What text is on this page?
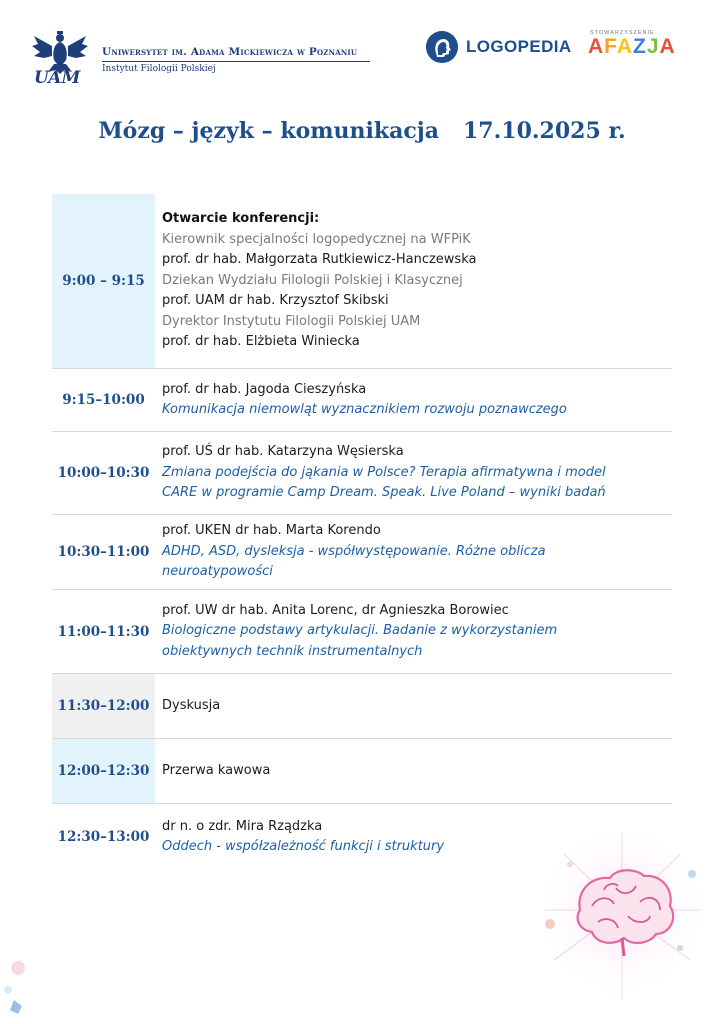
UAM
Uniwersytet im. Adama Mickiewicza w Poznaniu
Instytut Filologii Polskiej
LOGOPEDIA
STOWARZYSZENIE
AFAZJA
Mózg – język – komunikacja 17.10.2025 r.
9:00 – 9:15
Otwarcie konferencji:
Kierownik specjalności logopedycznej na WFPiK
prof. dr hab. Małgorzata Rutkiewicz-Hanczewska
Dziekan Wydziału Filologii Polskiej i Klasycznej
prof. UAM dr hab. Krzysztof Skibski
Dyrektor Instytutu Filologii Polskiej UAM
prof. dr hab. Elżbieta Winiecka
9:15–10:00
prof. dr hab. Jagoda Cieszyńska
Komunikacja niemowląt wyznacznikiem rozwoju poznawczego
10:00–10:30
prof. UŚ dr hab. Katarzyna Węsierska
Zmiana podejścia do jąkania w Polsce? Terapia afirmatywna i model
CARE w programie Camp Dream. Speak. Live Poland – wyniki badań
10:30–11:00
prof. UKEN dr hab. Marta Korendo
ADHD, ASD, dysleksja - współwystępowanie. Różne oblicza
neuroatypowości
11:00–11:30
prof. UW dr hab. Anita Lorenc, dr Agnieszka Borowiec
Biologiczne podstawy artykulacji. Badanie z wykorzystaniem
obiektywnych technik instrumentalnych
11:30–12:00 Dyskusja
12:00–12:30 Przerwa kawowa
12:30–13:00
dr n. o zdr. Mira Rządzka
Oddech - współzależność funkcji i struktury
